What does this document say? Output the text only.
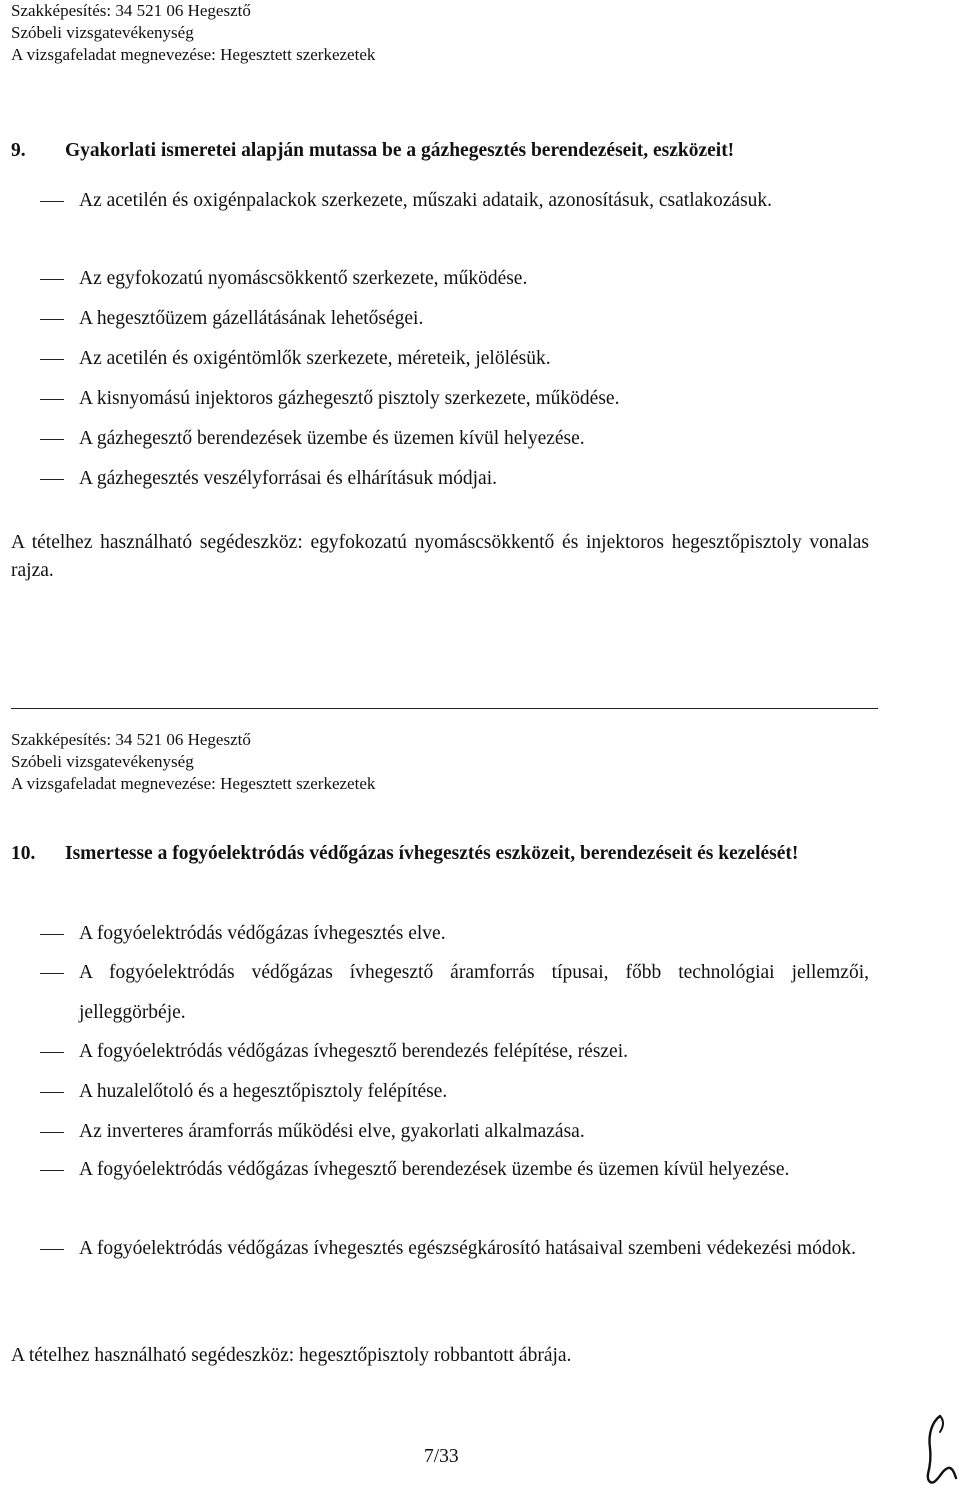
Szakképesítés: 34 521 06 Hegesztő
Szóbeli vizsgatevékenység
A vizsgafeladat megnevezése: Hegesztett szerkezetek
9. Gyakorlati ismeretei alapján mutassa be a gázhegesztés berendezéseit, eszközeit!
Az acetilén és oxigénpalackok szerkezete, műszaki adataik, azonosításuk, csatlakozásuk.
Az egyfokozatú nyomáscsökkentő szerkezete, működése.
A hegesztőüzem gázellátásának lehetőségei.
Az acetilén és oxigéntömlők szerkezete, méreteik, jelölésük.
A kisnyomású injektoros gázhegesztő pisztoly szerkezete, működése.
A gázhegesztő berendezések üzembe és üzemen kívül helyezése.
A gázhegesztés veszélyforrásai és elhárításuk módjai.
A tételhez használható segédeszköz: egyfokozatú nyomáscsökkentő és injektoros hegesztőpisztoly vonalas rajza.
Szakképesítés: 34 521 06 Hegesztő
Szóbeli vizsgatevékenység
A vizsgafeladat megnevezése: Hegesztett szerkezetek
10. Ismertesse a fogyóelektródás védőgázas ívhegesztés eszközeit, berendezéseit és kezelését!
A fogyóelektródás védőgázas ívhegesztés elve.
A fogyóelektródás védőgázas ívhegesztő áramforrás típusai, főbb technológiai jellemzői, jelleggörbéje.
A fogyóelektródás védőgázas ívhegesztő berendezés felépítése, részei.
A huzalelőtoló és a hegesztőpisztoly felépítése.
Az inverteres áramforrás működési elve, gyakorlati alkalmazása.
A fogyóelektródás védőgázas ívhegesztő berendezések üzembe és üzemen kívül helyezése.
A fogyóelektródás védőgázas ívhegesztés egészségkárosító hatásaival szembeni védekezési módok.
A tételhez használható segédeszköz: hegesztőpisztoly robbantott ábrája.
7/33
